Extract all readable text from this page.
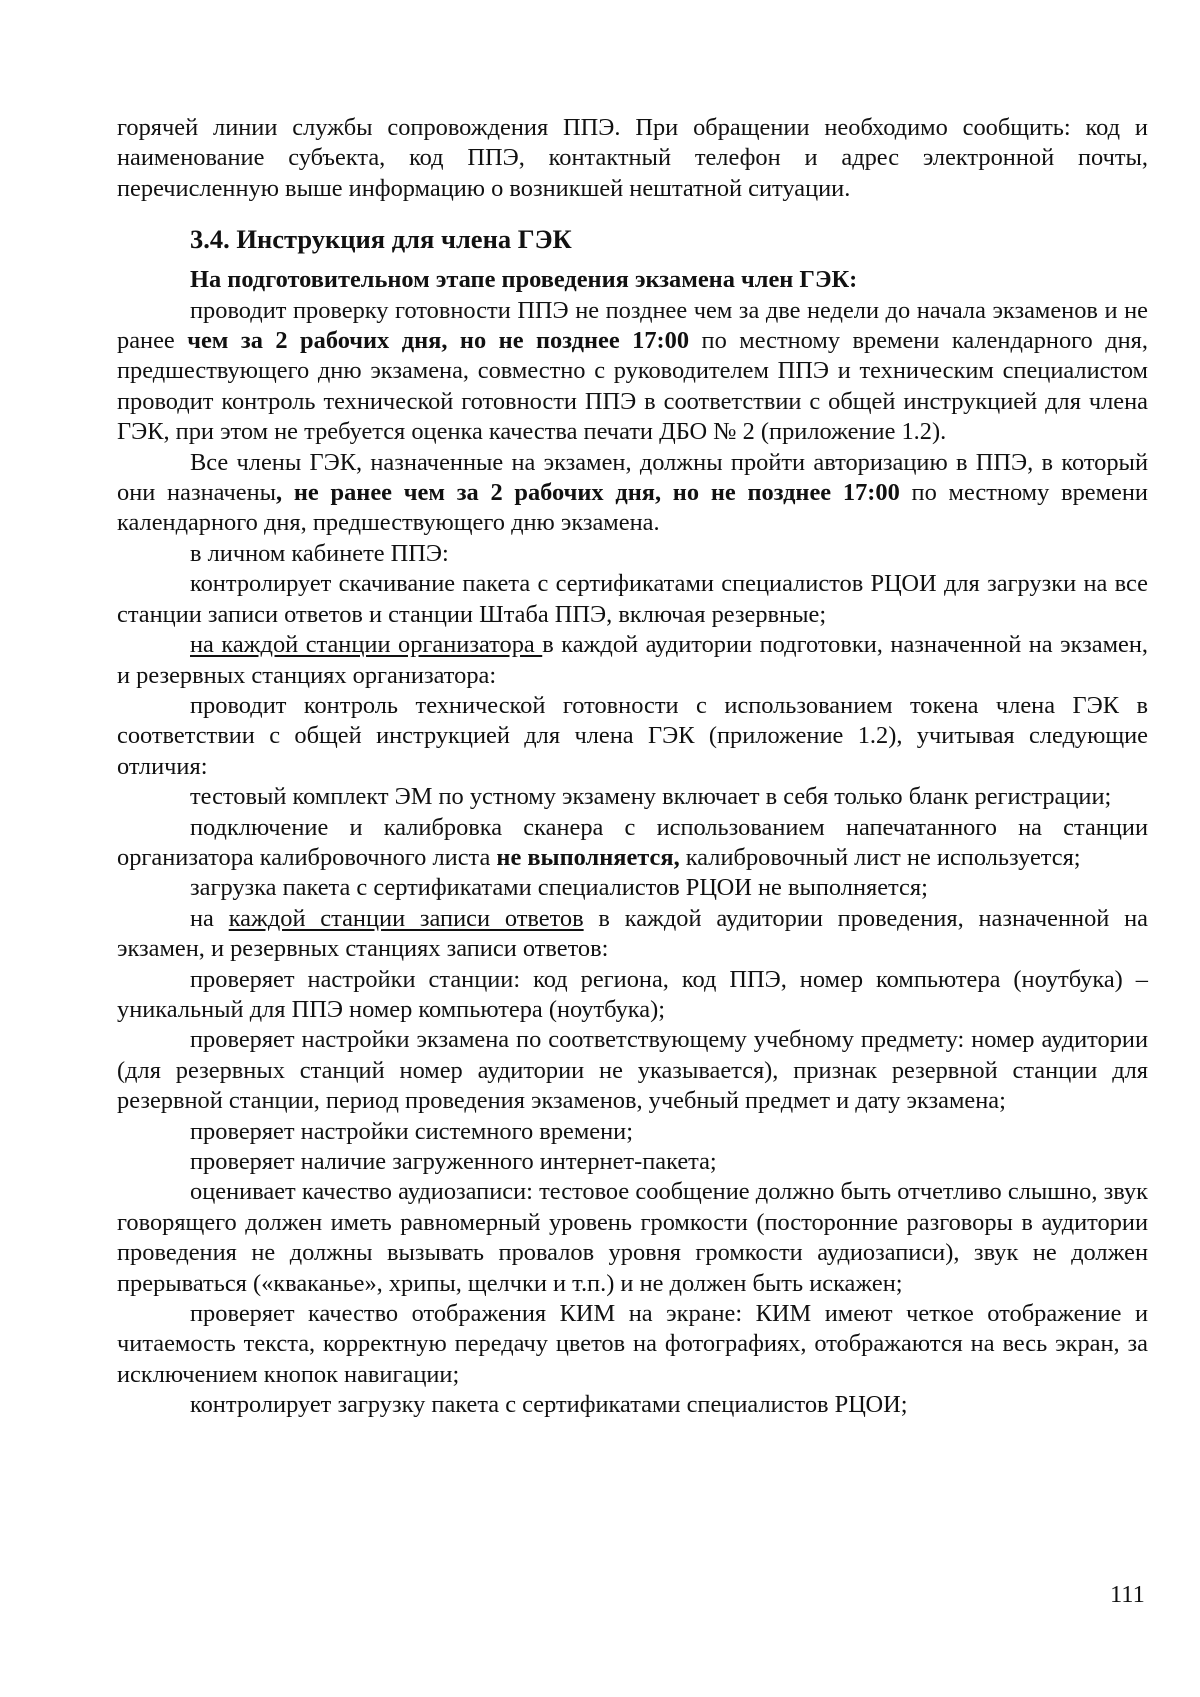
горячей линии службы сопровождения ППЭ. При обращении необходимо сообщить: код и наименование субъекта, код ППЭ, контактный телефон и адрес электронной почты, перечисленную выше информацию о возникшей нештатной ситуации.

3.4. Инструкция для члена ГЭК

На подготовительном этапе проведения экзамена член ГЭК:

проводит проверку готовности ППЭ не позднее чем за две недели до начала экзаменов и не ранее чем за 2 рабочих дня, но не позднее 17:00 по местному времени календарного дня, предшествующего дню экзамена, совместно с руководителем ППЭ и техническим специалистом проводит контроль технической готовности ППЭ в соответствии с общей инструкцией для члена ГЭК, при этом не требуется оценка качества печати ДБО № 2 (приложение 1.2).

Все члены ГЭК, назначенные на экзамен, должны пройти авторизацию в ППЭ, в который они назначены, не ранее чем за 2 рабочих дня, но не позднее 17:00 по местному времени календарного дня, предшествующего дню экзамена.

в личном кабинете ППЭ:

контролирует скачивание пакета с сертификатами специалистов РЦОИ для загрузки на все станции записи ответов и станции Штаба ППЭ, включая резервные;

на каждой станции организатора в каждой аудитории подготовки, назначенной на экзамен, и резервных станциях организатора:

проводит контроль технической готовности с использованием токена члена ГЭК в соответствии с общей инструкцией для члена ГЭК (приложение 1.2), учитывая следующие отличия:

тестовый комплект ЭМ по устному экзамену включает в себя только бланк регистрации;

подключение и калибровка сканера с использованием напечатанного на станции организатора калибровочного листа не выполняется, калибровочный лист не используется;

загрузка пакета с сертификатами специалистов РЦОИ не выполняется;

на каждой станции записи ответов в каждой аудитории проведения, назначенной на экзамен, и резервных станциях записи ответов:

проверяет настройки станции: код региона, код ППЭ, номер компьютера (ноутбука) – уникальный для ППЭ номер компьютера (ноутбука);

проверяет настройки экзамена по соответствующему учебному предмету: номер аудитории (для резервных станций номер аудитории не указывается), признак резервной станции для резервной станции, период проведения экзаменов, учебный предмет и дату экзамена;

проверяет настройки системного времени;

проверяет наличие загруженного интернет-пакета;

оценивает качество аудиозаписи: тестовое сообщение должно быть отчетливо слышно, звук говорящего должен иметь равномерный уровень громкости (посторонние разговоры в аудитории проведения не должны вызывать провалов уровня громкости аудиозаписи), звук не должен прерываться («кваканье», хрипы, щелчки и т.п.) и не должен быть искажен;

проверяет качество отображения КИМ на экране: КИМ имеют четкое отображение и читаемость текста, корректную передачу цветов на фотографиях, отображаются на весь экран, за исключением кнопок навигации;

контролирует загрузку пакета с сертификатами специалистов РЦОИ;

111
